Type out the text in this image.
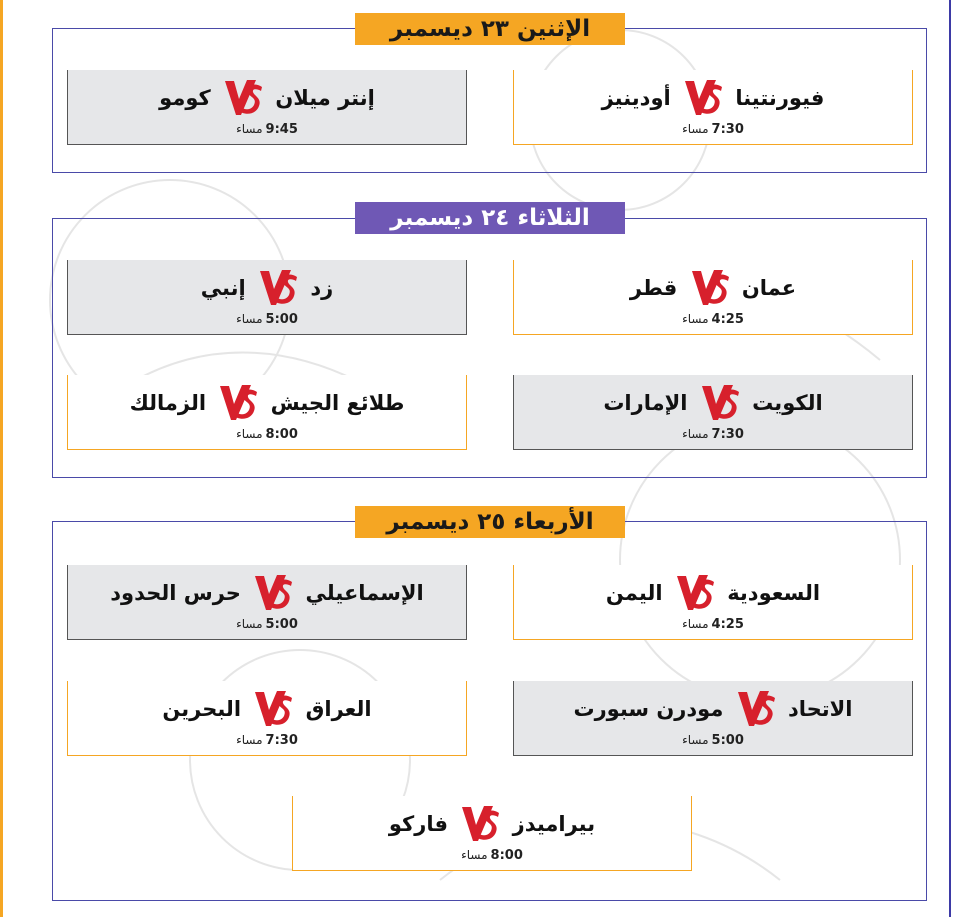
الإثنين ٢٣ ديسمبر
فيورنتينا  أودينيز
7:30مساء
إنتر ميلان  كومو
9:45مساء
الثلاثاء ٢٤ ديسمبر
عمان  قطر
4:25مساء
زد  إنبي
5:00مساء
الكويت  الإمارات
7:30مساء
طلائع الجيش  الزمالك
8:00مساء
الأربعاء ٢٥ ديسمبر
السعودية  اليمن
4:25مساء
الإسماعيلي  حرس الحدود
5:00مساء
الاتحاد  مودرن سبورت
5:00مساء
العراق  البحرين
7:30مساء
بيراميدز  فاركو
8:00مساء
